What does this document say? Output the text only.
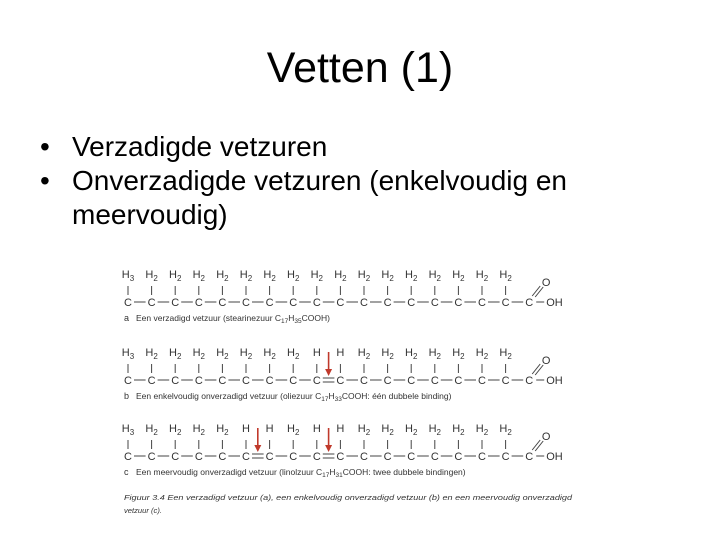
Vetten (1)
• Verzadigde vetzuren
• Onverzadigde vetzuren (enkelvoudig en meervoudig)
$H_3$
C
$H_2$
C
$H_2$
C
$H_2$
C
$H_2$
C
$H_2$
C
$H_2$
C
$H_2$
C
$H_2$
C
$H_2$
C
$H_2$
C
$H_2$
C
$H_2$
C
$H_2$
C
$H_2$
C
$H_2$
C
$H_2$
C C
O
OH
a Een verzadigd vetzuur (stearinezuur $C_{17}H_{35}COOH$)
$H_3$
C
$H_2$
C
$H_2$
C
$H_2$
C
$H_2$
C
$H_2$
C
$H_2$
C
$H_2$
C
H
C
H
C
$H_2$
C
$H_2$
C
$H_2$
C
$H_2$
C
$H_2$
C
$H_2$
C
$H_2$
C C
O
OH
b Een enkelvoudig onverzadigd vetzuur (oliezuur $C_{17}H_{33}COOH$: één dubbele binding)
$H_3$
C
$H_2$
C
$H_2$
C
$H_2$
C
$H_2$
C
H
C
H
C
$H_2$
C
H
C
H
C
$H_2$
C
$H_2$
C
$H_2$
C
$H_2$
C
$H_2$
C
$H_2$
C
$H_2$
C C
O
OH
c Een meervoudig onverzadigd vetzuur (linolzuur $C_{17}H_{31}COOH$: twee dubbele bindingen)
Figuur 3.4 Een verzadigd vetzuur (a), een enkelvoudig onverzadigd vetzuur (b) en een meervoudig onverzadigd
vetzuur (c).
